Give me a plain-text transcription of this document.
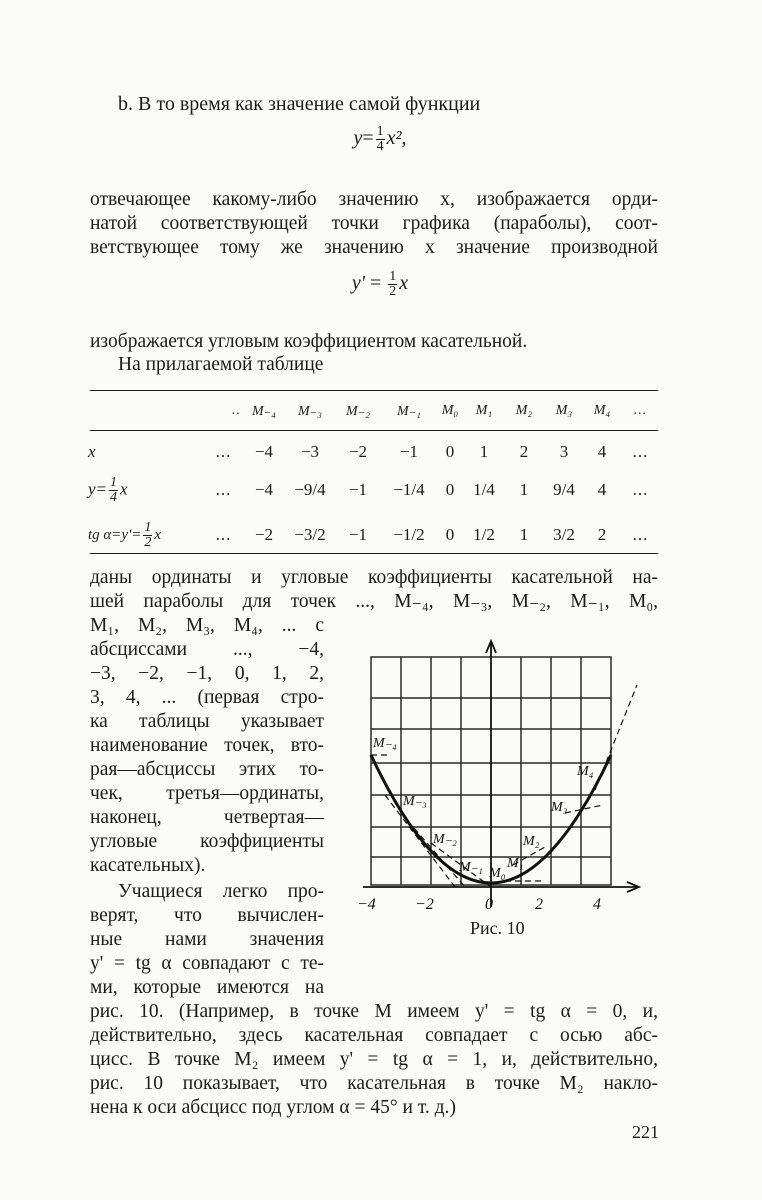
b. В то время как значение самой функции
$y= \frac{1}{4} x^2$,
отвечающее какому-либо значению x, изображается орди-
натой соответствующей точки графика (параболы), соот-
ветствующее тому же значению x значение производной
$y' = \frac{1}{2}$ x
изображается угловым коэффициентом касательной.
На прилагаемой таблице
	..	M₋₄	M₋₃	M₋₂	M₋₁	M₀	M₁	M₂	M₃	M₄	...

x	...	−4	−3	−2	−1	0	1	2	3	4	...
$y= \frac{1}{4}$ x	...	−4	−9/4	−1	−1/4	0	1/4	1	9/4	4	...
tg $\alpha=y'= \frac{1}{2}$ x	...	−2	−3/2	−1	−1/2	0	1/2	1	3/2	2	...
даны ординаты и угловые коэффициенты касательной на-
шей параболы для точек ..., M₋₄, M₋₃, M₋₂, M₋₁, M₀,
M₁, M₂, M₃, M₄, ... с
абсциссами ..., −4,
−3, −2, −1, 0, 1, 2,
3, 4, ... (первая стро-
ка таблицы указывает
наименование точек, вто-
рая—абсциссы этих то-
чек, третья—ординаты,
наконец, четвертая—
угловые коэффициенты
касательных).
Учащиеся легко про-
верят, что вычислен-
ные нами значения
y' = tg α совпадают с те-
ми, которые имеются на
M₋₄
M₋₃
M₋₂
M₋₁ M₀
M₁
M₂
M₃
M₄
−4 −2	0	2	4
Рис. 10
рис. 10. (Например, в точке M имеем y' = tg α = 0, и,
действительно, здесь касательная совпадает с осью абс-
цисс. В точке M₂ имеем y' = tg α = 1, и, действительно,
рис. 10 показывает, что касательная в точке M₂ накло-
нена к оси абсцисс под углом α = 45° и т. д.)
221
